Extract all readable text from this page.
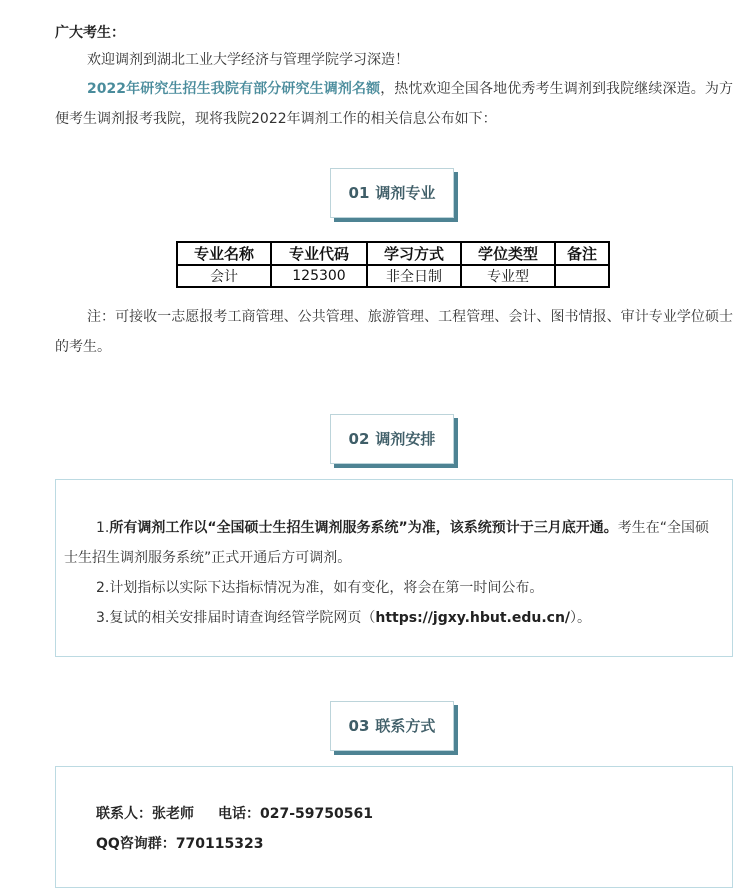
广大考生：

欢迎调剂到湖北工业大学经济与管理学院学习深造！

2022年研究生招生我院有部分研究生调剂名额，热忱欢迎全国各地优秀考生调剂到我院继续深造。为方便考生调剂报考我院，现将我院2022年调剂工作的相关信息公布如下：

01 调剂专业
专业名称	专业代码	学习方式	学位类型	备注
会计	125300	非全日制	专业型	

注：可接收一志愿报考工商管理、公共管理、旅游管理、工程管理、会计、图书情报、审计专业学位硕士的考生。

02 调剂安排

1.所有调剂工作以“全国硕士生招生调剂服务系统”为准，该系统预计于三月底开通。考生在“全国硕士生招生调剂服务系统”正式开通后方可调剂。

2.计划指标以实际下达指标情况为准，如有变化，将会在第一时间公布。

3.复试的相关安排届时请查询经管学院网页（https://jgxy.hbut.edu.cn/）。

03 联系方式

联系人：张老师 电话：027-59750561

QQ咨询群：770115323
